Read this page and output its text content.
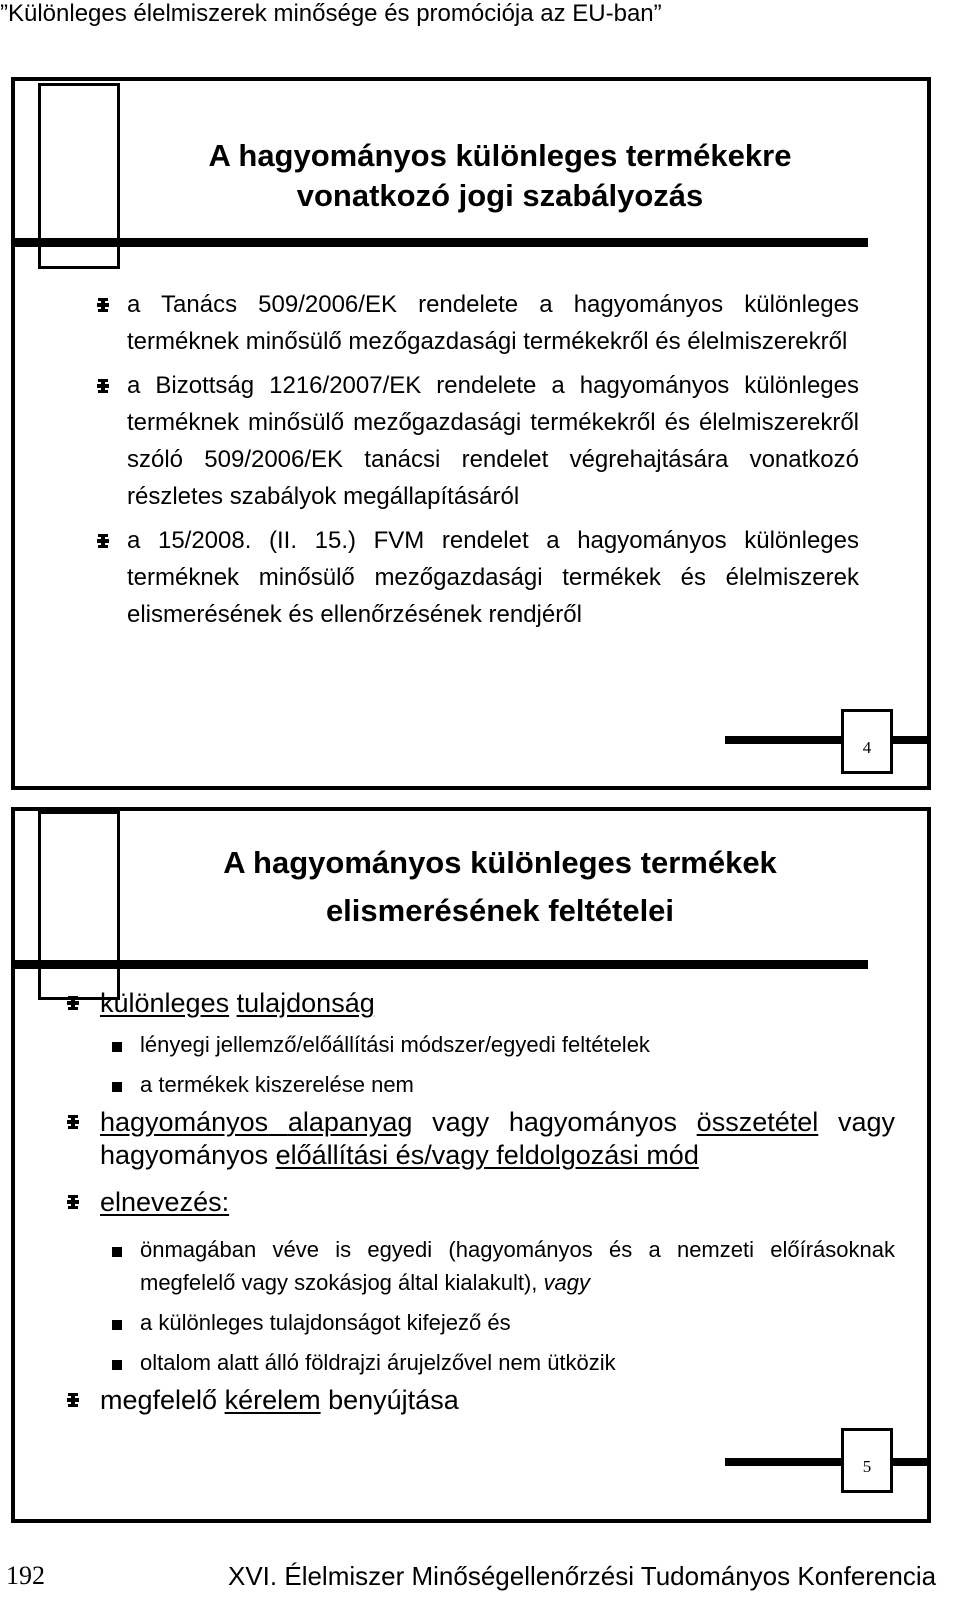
”Különleges élelmiszerek minősége és promóciója az EU-ban”
A hagyományos különleges termékekre
vonatkozó jogi szabályozás
a Tanács 509/2006/EK rendelete a hagyományos különleges terméknek minősülő mezőgazdasági termékekről és élelmiszerekről
a Bizottság 1216/2007/EK rendelete a hagyományos különleges terméknek minősülő mezőgazdasági termékekről és élelmiszerekről szóló 509/2006/EK tanácsi rendelet végrehajtására vonatkozó részletes szabályok megállapításáról
a 15/2008. (II. 15.) FVM rendelet a hagyományos különleges terméknek minősülő mezőgazdasági termékek és élelmiszerek elismerésének és ellenőrzésének rendjéről
4
A hagyományos különleges termékek
elismerésének feltételei
különleges tulajdonság
lényegi jellemző/előállítási módszer/egyedi feltételek
a termékek kiszerelése nem
hagyományos alapanyag vagy hagyományos összetétel vagy hagyományos előállítási és/vagy feldolgozási mód
elnevezés:
önmagában véve is egyedi (hagyományos és a nemzeti előírásoknak megfelelő vagy szokásjog által kialakult), vagy
a különleges tulajdonságot kifejező és
oltalom alatt álló földrajzi árujelzővel nem ütközik
megfelelő kérelem benyújtása
5
192	XVI. Élelmiszer Minőségellenőrzési Tudományos Konferencia
